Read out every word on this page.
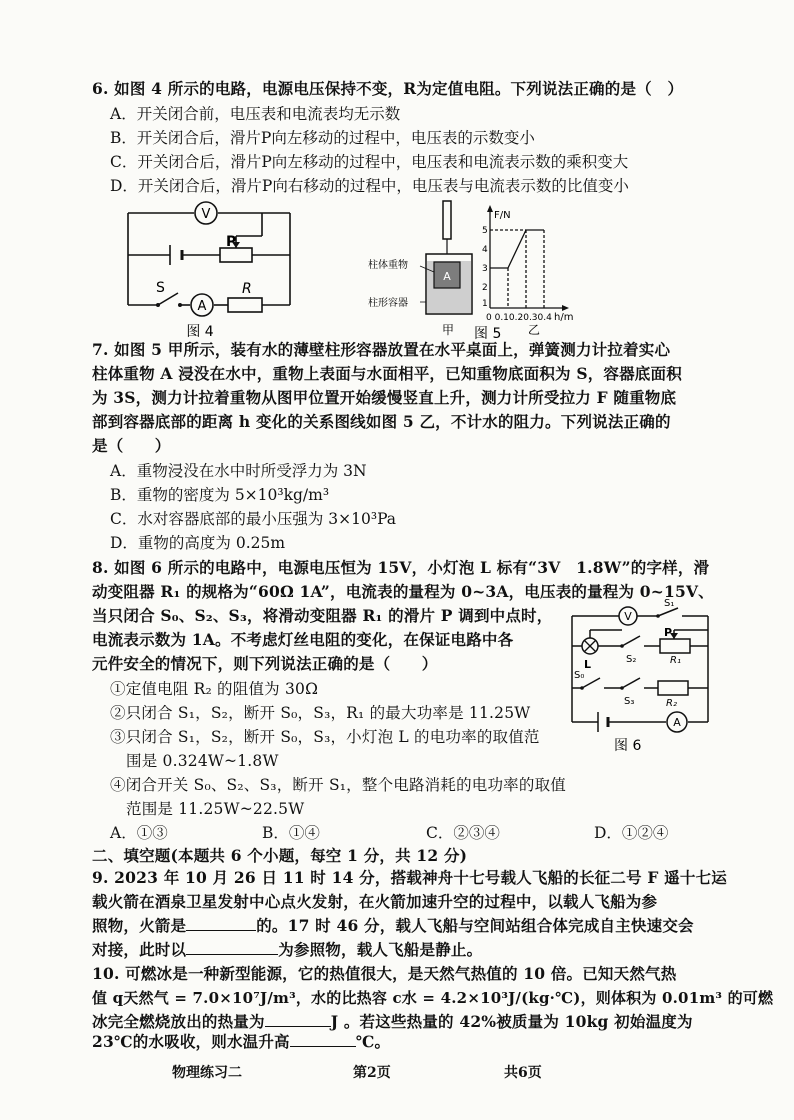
6. 如图 4 所示的电路，电源电压保持不变，R为定值电阻。下列说法正确的是（　）
A．开关闭合前，电压表和电流表均无示数
B．开关闭合后，滑片P向左移动的过程中，电压表的示数变小
C．开关闭合后，滑片P向左移动的过程中，电压表和电流表示数的乘积变大
D．开关闭合后，滑片P向右移动的过程中，电压表与电流表示数的比值变小
V
A
P
R
S
图 4
A
柱体重物
柱形容器
甲 图 5
F/N
h/m
5
4
3
2
1
0 0.10.20.30.4
乙
7. 如图 5 甲所示，装有水的薄壁柱形容器放置在水平桌面上，弹簧测力计拉着实心
柱体重物 A 浸没在水中，重物上表面与水面相平，已知重物底面积为 S，容器底面积
为 3S，测力计拉着重物从图甲位置开始缓慢竖直上升，测力计所受拉力 F 随重物底
部到容器底部的距离 h 变化的关系图线如图 5 乙，不计水的阻力。下列说法正确的
是（　　）
A．重物浸没在水中时所受浮力为 3N
B．重物的密度为 5×10³kg/m³
C．水对容器底部的最小压强为 3×10³Pa
D．重物的高度为 0.25m
8. 如图 6 所示的电路中，电源电压恒为 15V，小灯泡 L 标有“3V　1.8W”的字样，滑
动变阻器 R₁ 的规格为“60Ω 1A”，电流表的量程为 0~3A，电压表的量程为 0~15V、
当只闭合 S₀、S₂、S₃，将滑动变阻器 R₁ 的滑片 P 调到中点时，
电流表示数为 1A。不考虑灯丝电阻的变化，在保证电路中各
元件安全的情况下，则下列说法正确的是（　　）
①定值电阻 R₂ 的阻值为 30Ω
②只闭合 S₁，S₂，断开 S₀，S₃，R₁ 的最大功率是 11.25W
③只闭合 S₁，S₂，断开 S₀，S₃，小灯泡 L 的电功率的取值范
围是 0.324W~1.8W
④闭合开关 S₀、S₂、S₃，断开 S₁，整个电路消耗的电功率的取值
范围是 11.25W~22.5W
A．①③	B．①④	C．②③④	D．①②④
V
A
L
P
R₁
R₂
S₁
S₂
S₀
S₃
图 6
二、填空题(本题共 6 个小题，每空 1 分，共 12 分)
9. 2023 年 10 月 26 日 11 时 14 分，搭载神舟十七号载人飞船的长征二号 F 遥十七运
载火箭在酒泉卫星发射中心点火发射，在火箭加速升空的过程中，以载人飞船为参
照物，火箭是	的。17 时 46 分，载人飞船与空间站组合体完成自主快速交会
对接，此时以	为参照物，载人飞船是静止。
10. 可燃冰是一种新型能源，它的热值很大，是天然气热值的 10 倍。已知天然气热
值 q天然气 = 7.0×10⁷J/m³，水的比热容 c水 = 4.2×10³J/(kg·℃)，则体积为 0.01m³ 的可燃
冰完全燃烧放出的热量为	J 。若这些热量的 42%被质量为 10kg 初始温度为
23℃的水吸收，则水温升高	℃。
物理练习二	第2页	共6页
